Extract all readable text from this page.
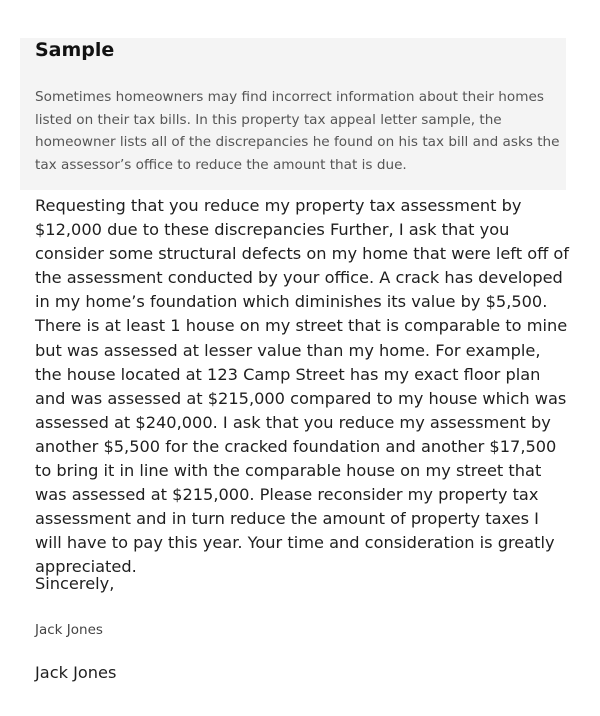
Sample

Sometimes homeowners may find incorrect information about their homes listed on their tax bills. In this property tax appeal letter sample, the homeowner lists all of the discrepancies he found on his tax bill and asks the tax assessor’s office to reduce the amount that is due.

Requesting that you reduce my property tax assessment by $12,000 due to these discrepancies Further, I ask that you consider some structural defects on my home that were left off of the assessment conducted by your office. A crack has developed in my home’s foundation which diminishes its value by $5,500. There is at least 1 house on my street that is comparable to mine but was assessed at lesser value than my home. For example, the house located at 123 Camp Street has my exact floor plan and was assessed at $215,000 compared to my house which was assessed at $240,000. I ask that you reduce my assessment by another $5,500 for the cracked foundation and another $17,500 to bring it in line with the comparable house on my street that was assessed at $215,000. Please reconsider my property tax assessment and in turn reduce the amount of property taxes I will have to pay this year. Your time and consideration is greatly appreciated.

Sincerely,

Jack Jones

Jack Jones
